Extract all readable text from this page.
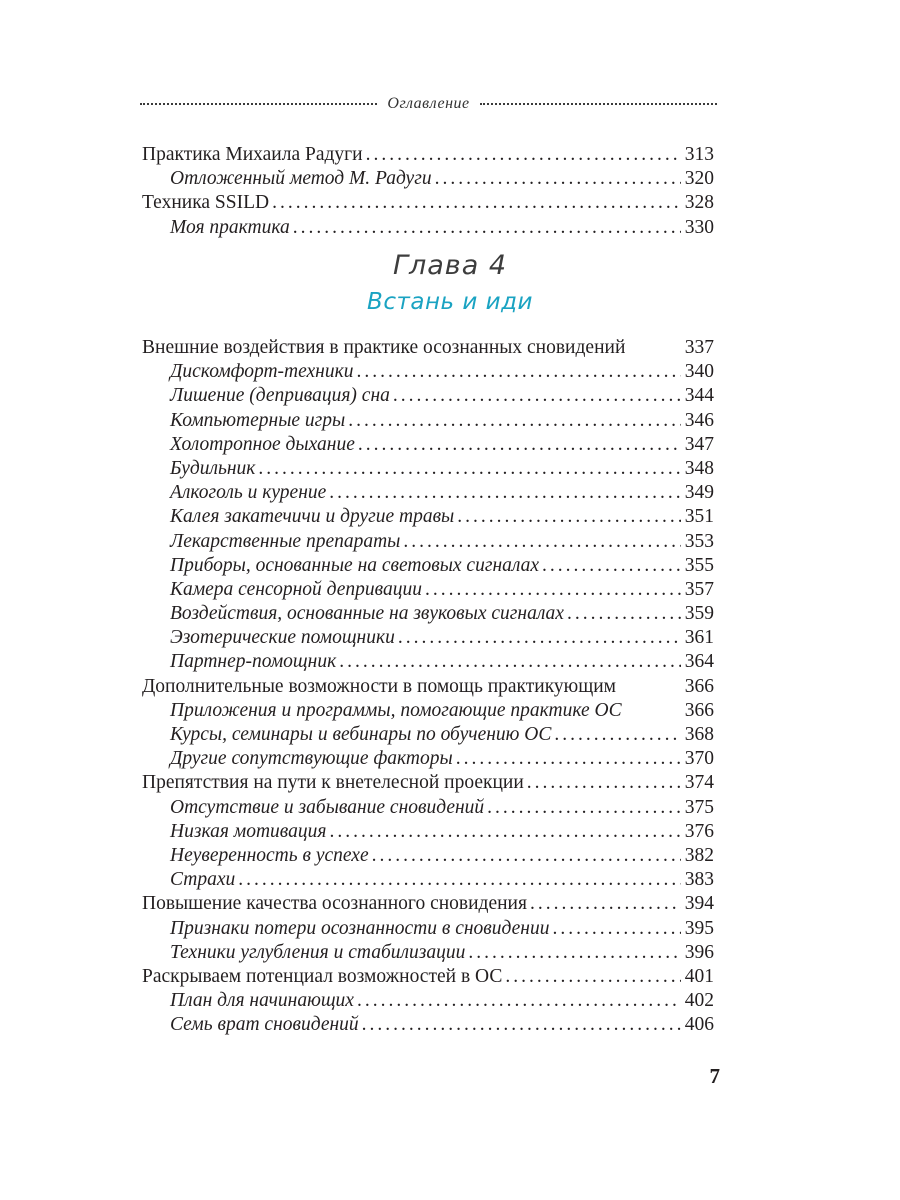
Оглавление
Практика Михаила Радуги .....	313
Отложенный метод М. Радуги .....	320
Техника SSILD .....	328
Моя практика .....	330
Глава 4
Встань и иди
Внешние воздействия в практике осознанных сновидений	337
Дискомфорт-техники .....	340
Лишение (депривация) сна .....	344
Компьютерные игры .....	346
Холотропное дыхание .....	347
Будильник .....	348
Алкоголь и курение .....	349
Калея закатечичи и другие травы .....	351
Лекарственные препараты .....	353
Приборы, основанные на световых сигналах .....	355
Камера сенсорной депривации .....	357
Воздействия, основанные на звуковых сигналах .....	359
Эзотерические помощники .....	361
Партнер-помощник .....	364
Дополнительные возможности в помощь практикующим	366
Приложения и программы, помогающие практике ОС	366
Курсы, семинары и вебинары по обучению ОС .....	368
Другие сопутствующие факторы .....	370
Препятствия на пути к внетелесной проекции .....	374
Отсутствие и забывание сновидений .....	375
Низкая мотивация .....	376
Неуверенность в успехе .....	382
Страхи .....	383
Повышение качества осознанного сновидения .....	394
Признаки потери осознанности в сновидении .....	395
Техники углубления и стабилизации .....	396
Раскрываем потенциал возможностей в ОС .....	401
План для начинающих .....	402
Семь врат сновидений .....	406
7
